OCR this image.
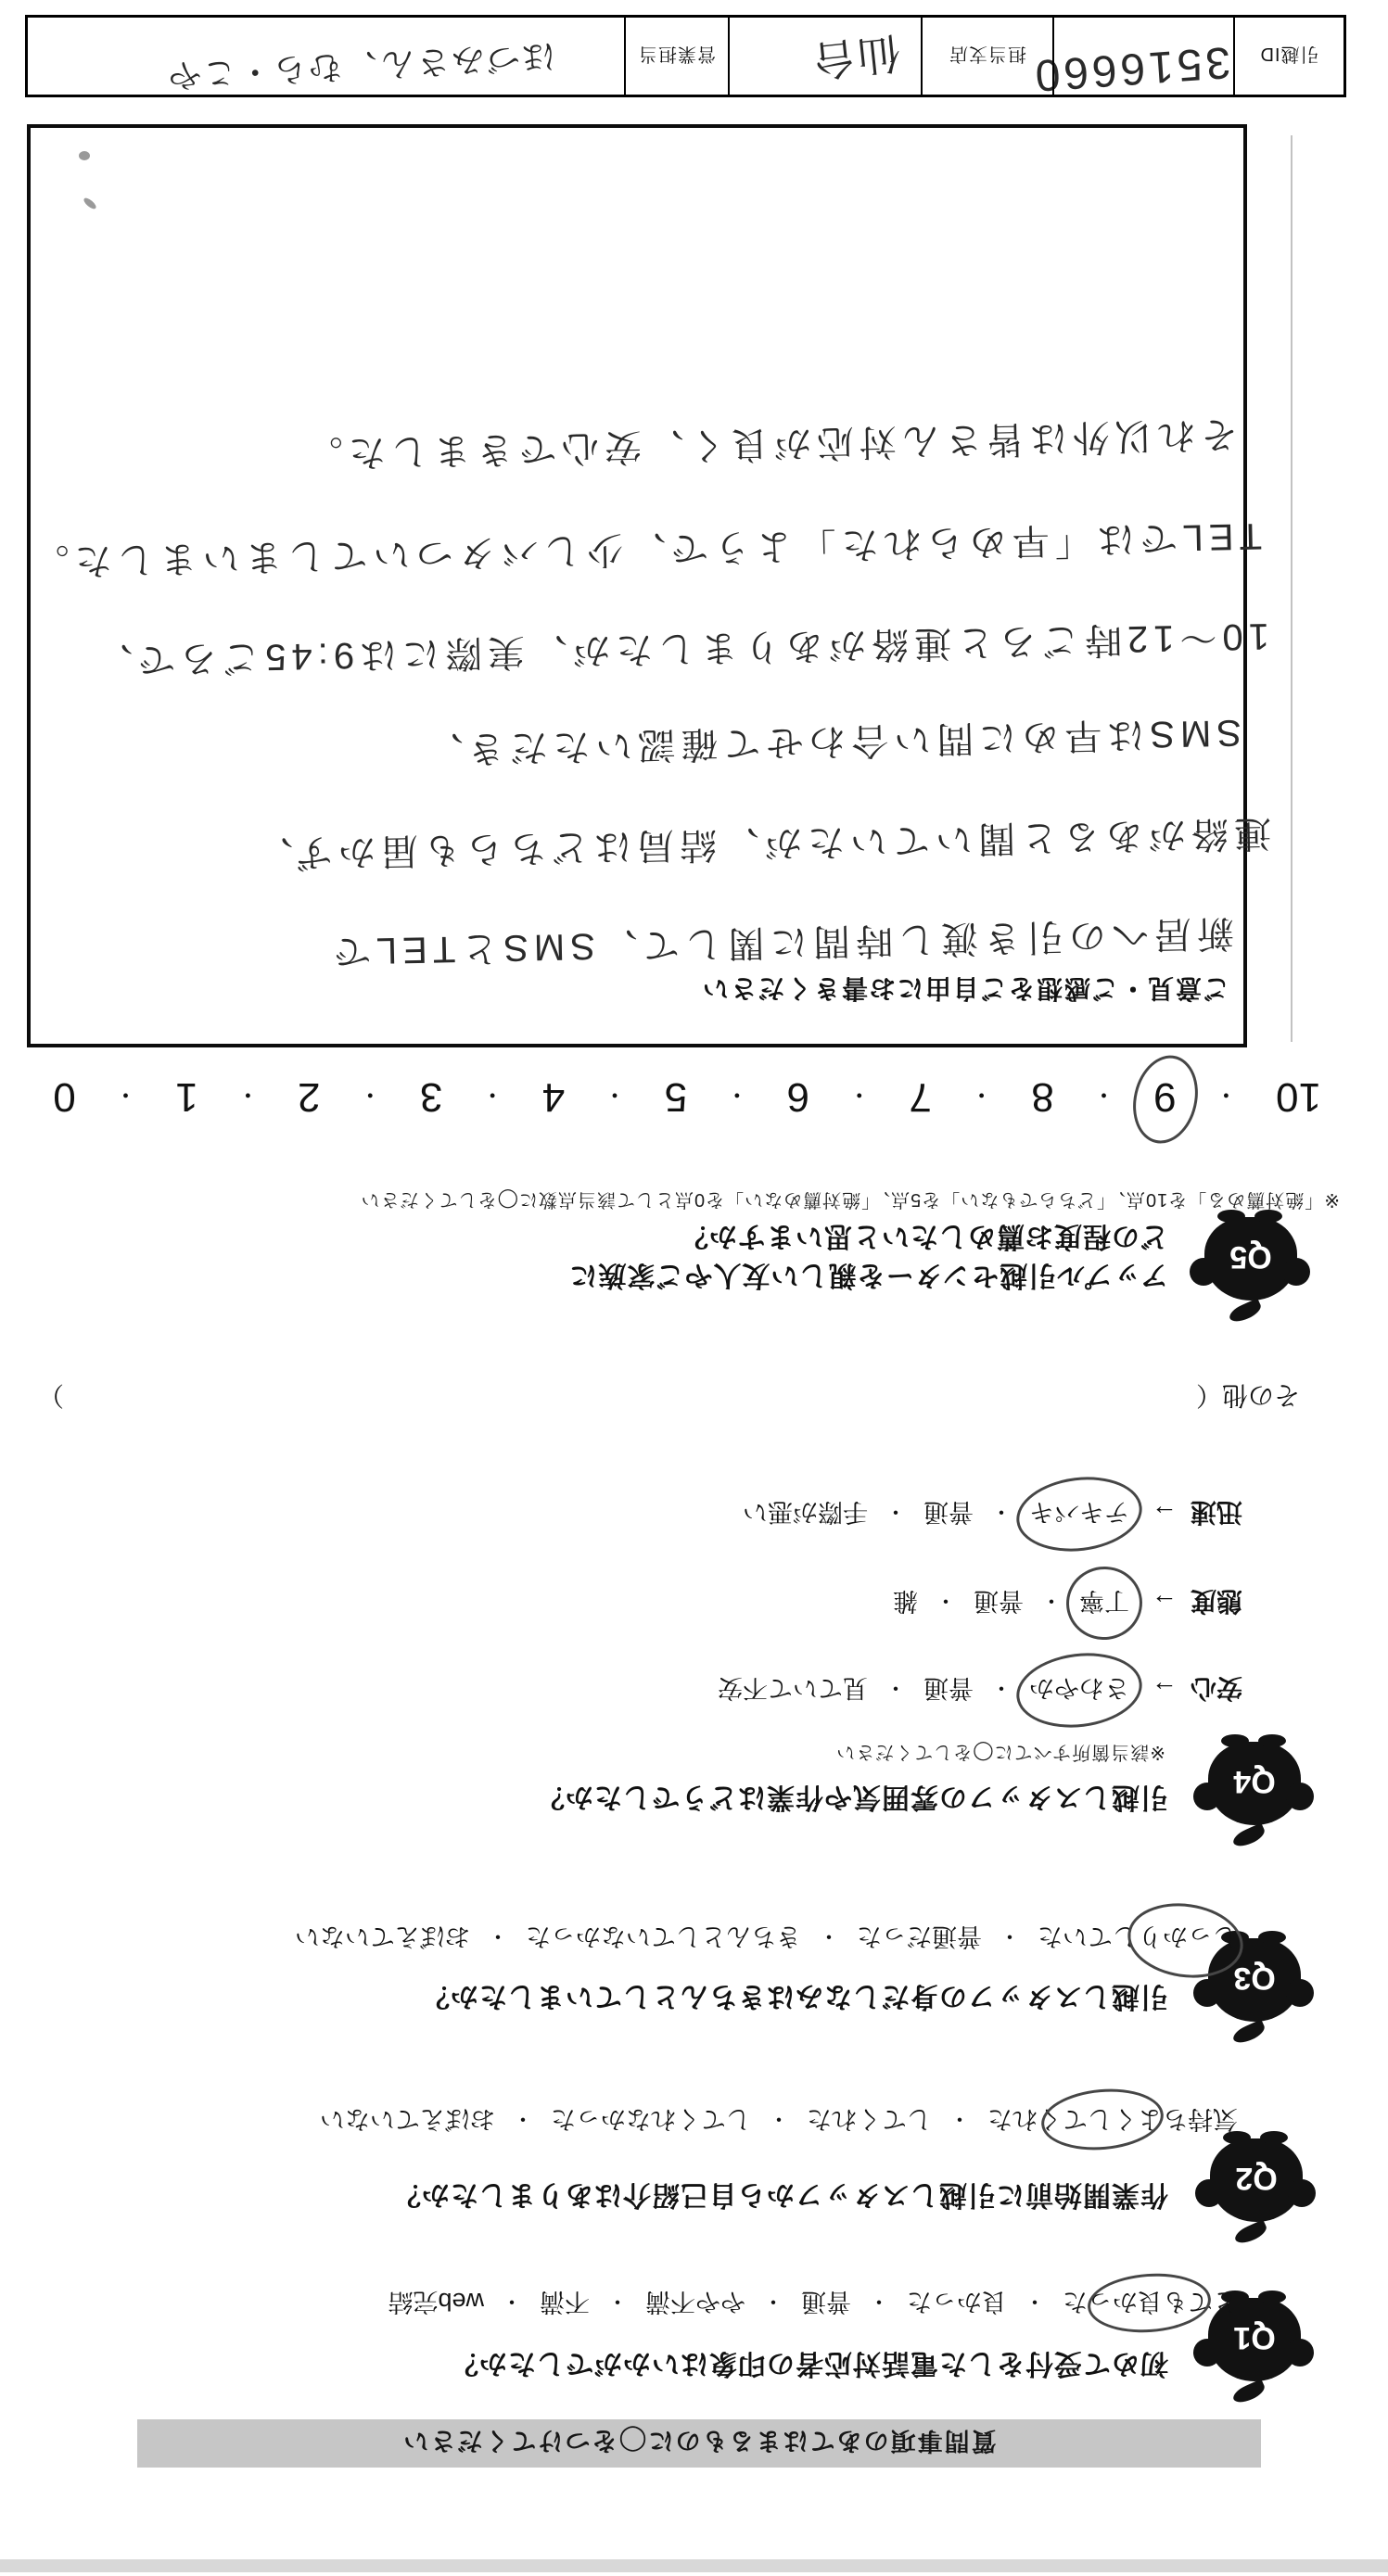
質問事項のあてはまるものに◯をつけてください
Q1
初めて受付をした電話対応者の印象はいかがでしたか？
とても良かった
・
良かった
・
普通
・
やや不満
・
不満
・
web完結
Q2
作業開始前に引越しスタッフから自己紹介はありましたか？
気持ちよくしてくれた
・
してくれた
・
してくれなかった
・
おぼえていない
Q3
引越しスタッフの身だしなみはきちんとしていましたか？
しっかりしていた
・
普通だった
・
きちんとしていなかった
・
おぼえていない
Q4
引越しスタッフの雰囲気や作業はどうでしたか？
※該当箇所すべてに◯をしてください
安心
→
さわやか
・
普通
・
見ていて不安
態度
→
丁寧
・
普通
・
雑
迅速
→
テキパキ
・
普通
・
手際が悪い
その他（
）
Q5
アップル引越センターを親しい友人やご家族に
どの程度お薦めしたいと思いますか？
※「絶対薦める」を10点、「どちらでもない」を5点、「絶対薦めない」を0点として該当点数に◯をしてください
10
・
9
・
8
・
7
・
6
・
5
・
4
・
3
・
2
・
1
・
0
ご意見・ご感想をご自由にお書きください
新居への引き渡し時間に関して、SMSとTELで
連絡があると聞いていたが、結局はどちらも届かず、
SMSは早めに問い合わせて確認いただき、
10〜12時ごろと連絡がありましたが、実際には9:45ごろで、
TELでは「早められた」ようで、少しバタついてしまいました。
それ以外は皆さん対応が良く、安心できました。
引越ID
3516660
担当支店
仙台
営業担当
ほづみさん、むら・こや
